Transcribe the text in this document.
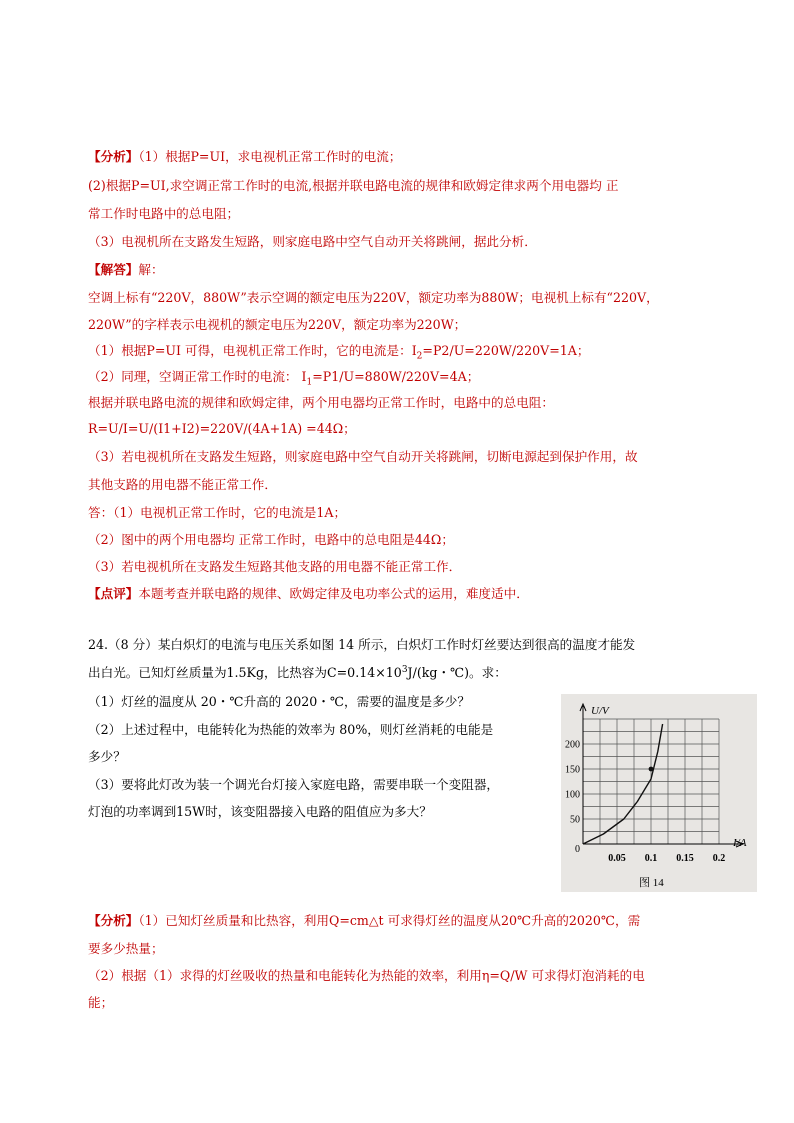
【分析】（1）根据P=UI，求电视机正常工作时的电流；
(2)根据P=UI,求空调正常工作时的电流,根据并联电路电流的规律和欧姆定律求两个用电器均 正
常工作时电路中的总电阻；
（3）电视机所在支路发生短路，则家庭电路中空气自动开关将跳闸，据此分析．
【解答】解：
空调上标有“220V，880W”表示空调的额定电压为220V，额定功率为880W；电视机上标有“220V，
220W”的字样表示电视机的额定电压为220V，额定功率为220W；
（1）根据P=UI 可得，电视机正常工作时，它的电流是：$I_2=P2/U=220W/220V=1A$；
（2）同理，空调正常工作时的电流： $I_1=P1/U=880W/220V=4A$；
根据并联电路电流的规律和欧姆定律，两个用电器均正常工作时，电路中的总电阻：
R=U/I=U/(I1+I2)=220V/(4A+1A) =44Ω；
（3）若电视机所在支路发生短路，则家庭电路中空气自动开关将跳闸，切断电源起到保护作用，故
其他支路的用电器不能正常工作．
答：（1）电视机正常工作时，它的电流是1A；
（2）图中的两个用电器均 正常工作时，电路中的总电阻是44Ω；
（3）若电视机所在支路发生短路其他支路的用电器不能正常工作．
【点评】本题考查并联电路的规律、欧姆定律及电功率公式的运用，难度适中．
24.（8 分）某白炽灯的电流与电压关系如图 14 所示，白炽灯工作时灯丝要达到很高的温度才能发
出白光。已知灯丝质量为1.5Kg，比热容为$C=0.14\times 10^3J/(kg$・℃)。求：
（1）灯丝的温度从 20・℃升高的 2020・℃，需要的温度是多少？
（2）上述过程中，电能转化为热能的效率为 80%，则灯丝消耗的电能是
多少？
（3）要将此灯改为装一个调光台灯接入家庭电路，需要串联一个变阻器，
灯泡的功率调到15W时，该变阻器接入电路的阻值应为多大？
50
100
150
200
0.05 0.1 0.15 0.2
U/V
I/A
0
图 14
【分析】（1）已知灯丝质量和比热容，利用Q=cm△t 可求得灯丝的温度从20℃升高的2020℃，需
要多少热量；
（2）根据（1）求得的灯丝吸收的热量和电能转化为热能的效率，利用η=Q/W 可求得灯泡消耗的电
能；
